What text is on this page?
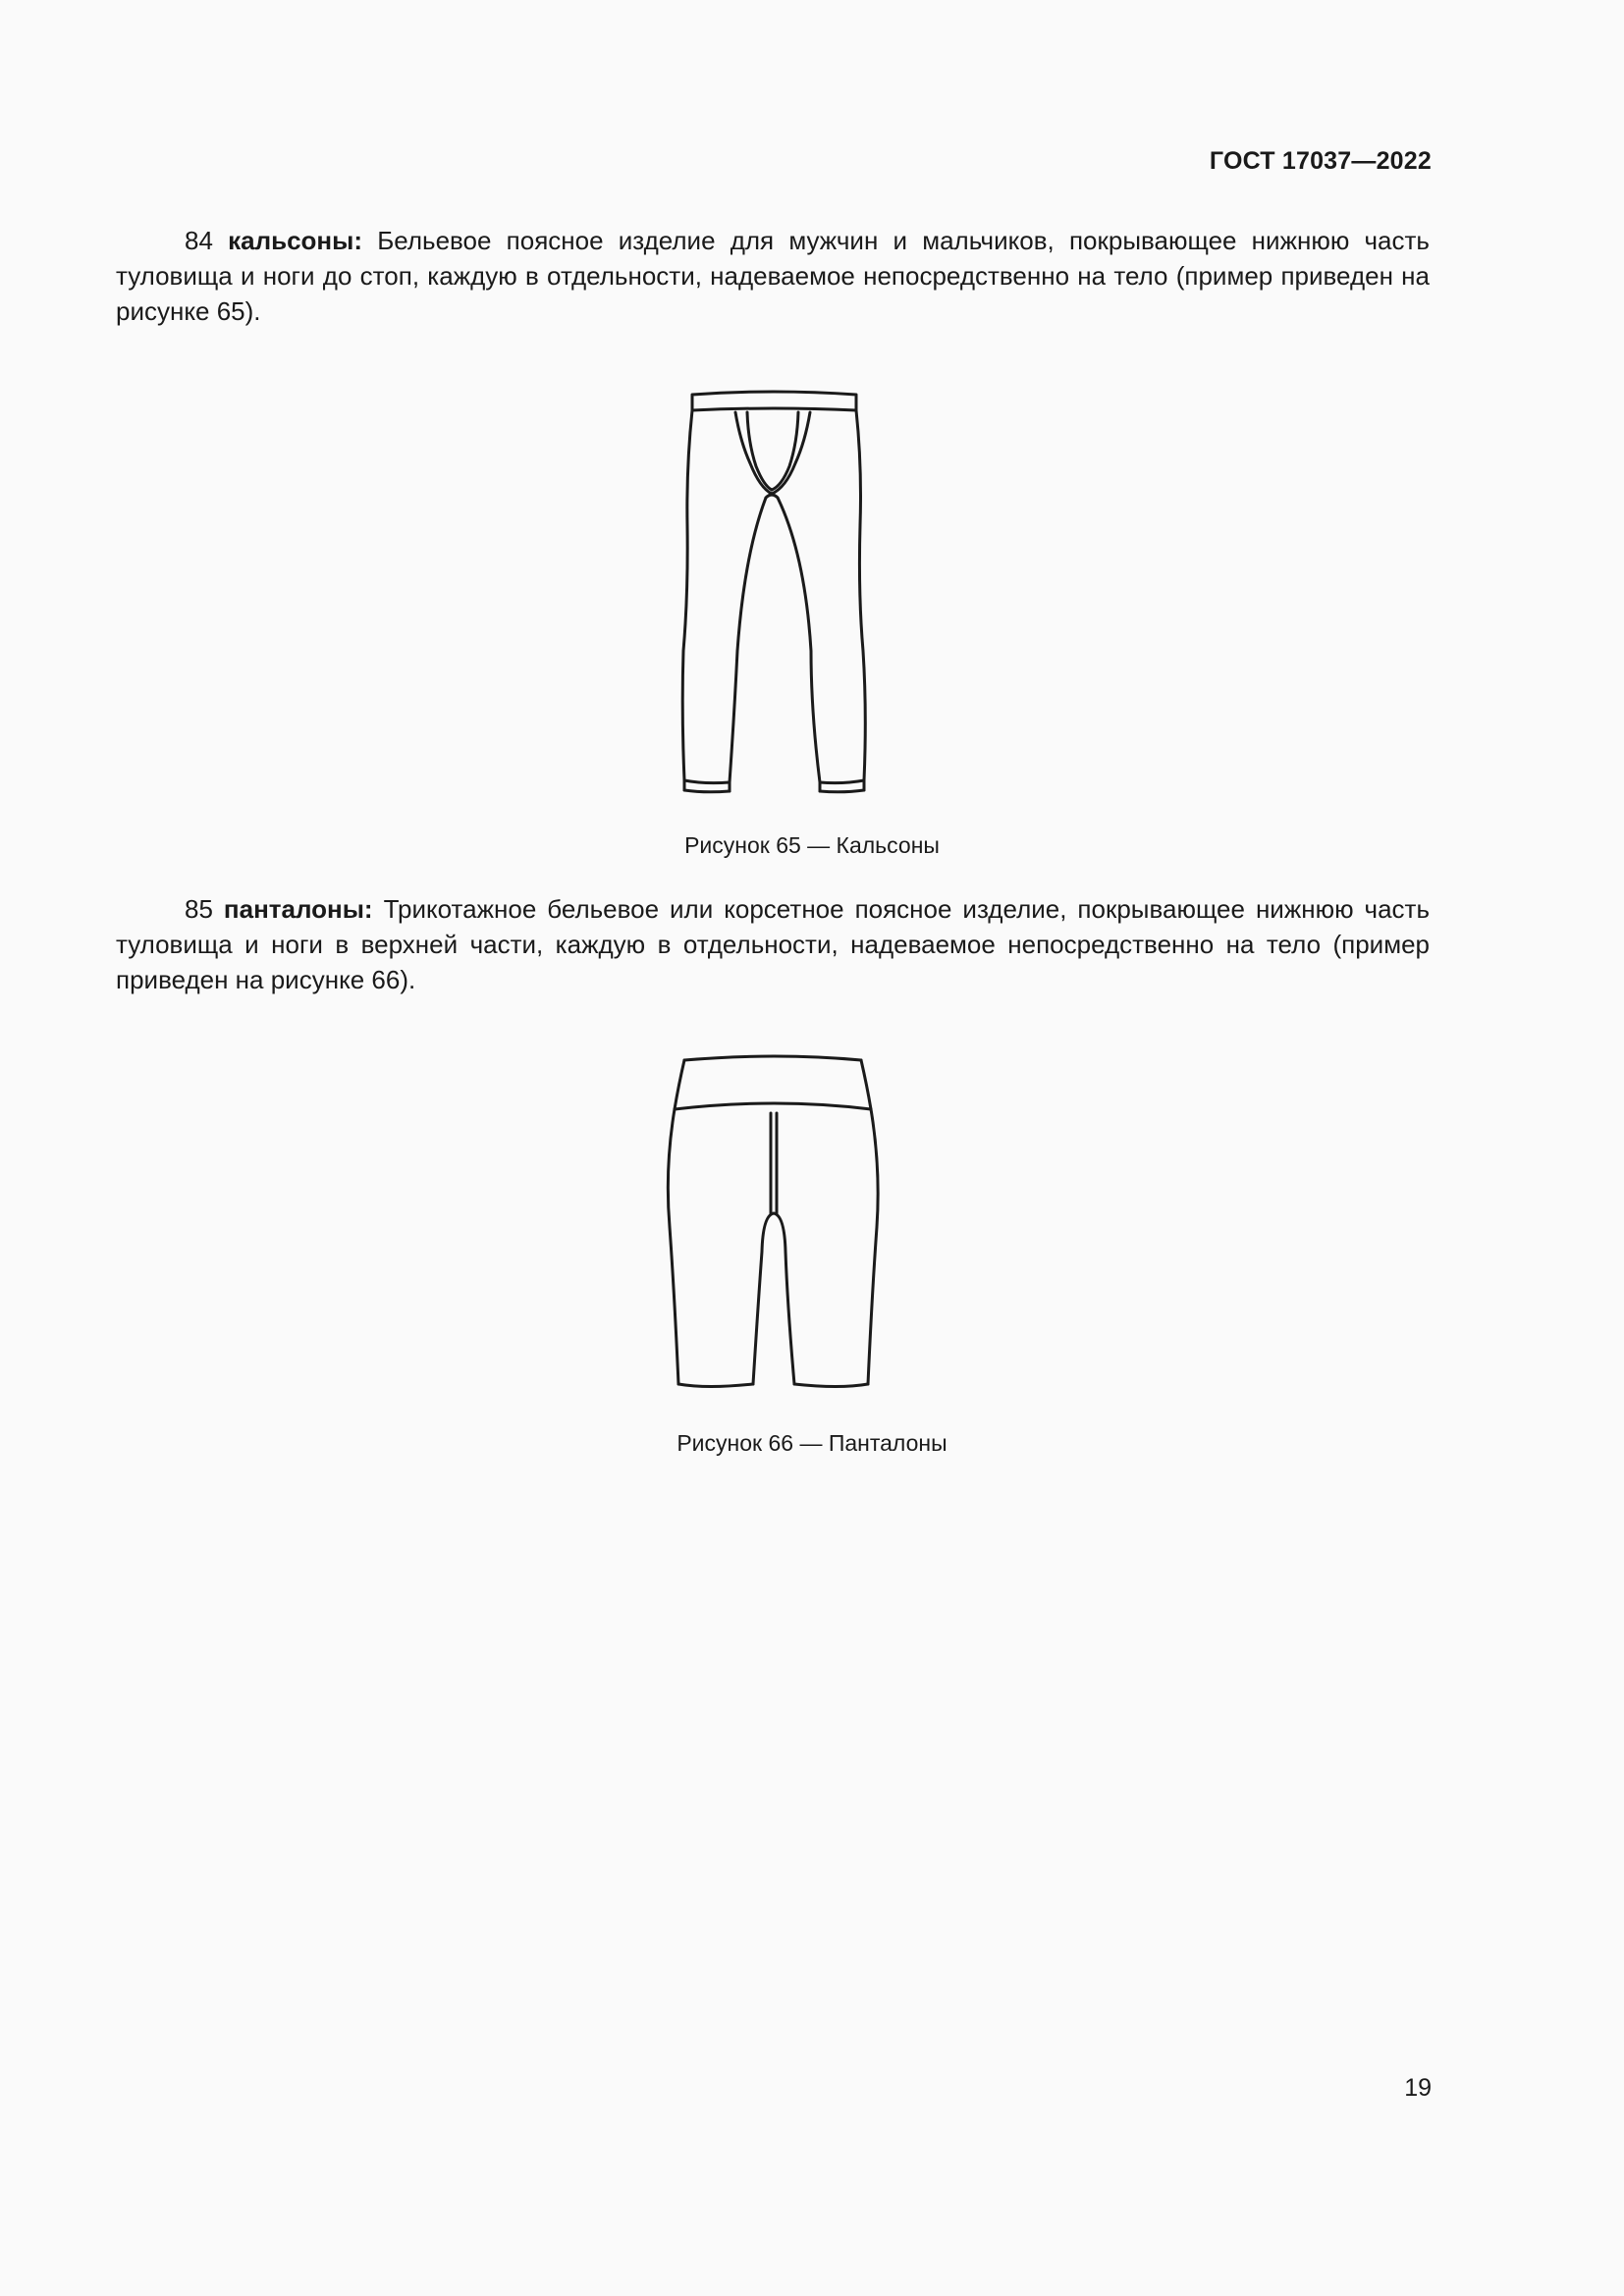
ГОСТ 17037—2022

84 кальсоны: Бельевое поясное изделие для мужчин и мальчиков, покрывающее нижнюю часть туловища и ноги до стоп, каждую в отдельности, надеваемое непосредственно на тело (пример приведен на рисунке 65).

Рисунок 65 — Кальсоны

85 панталоны: Трикотажное бельевое или корсетное поясное изделие, покрывающее нижнюю часть туловища и ноги в верхней части, каждую в отдельности, надеваемое непосредственно на тело (пример приведен на рисунке 66).

Рисунок 66 — Панталоны
19
